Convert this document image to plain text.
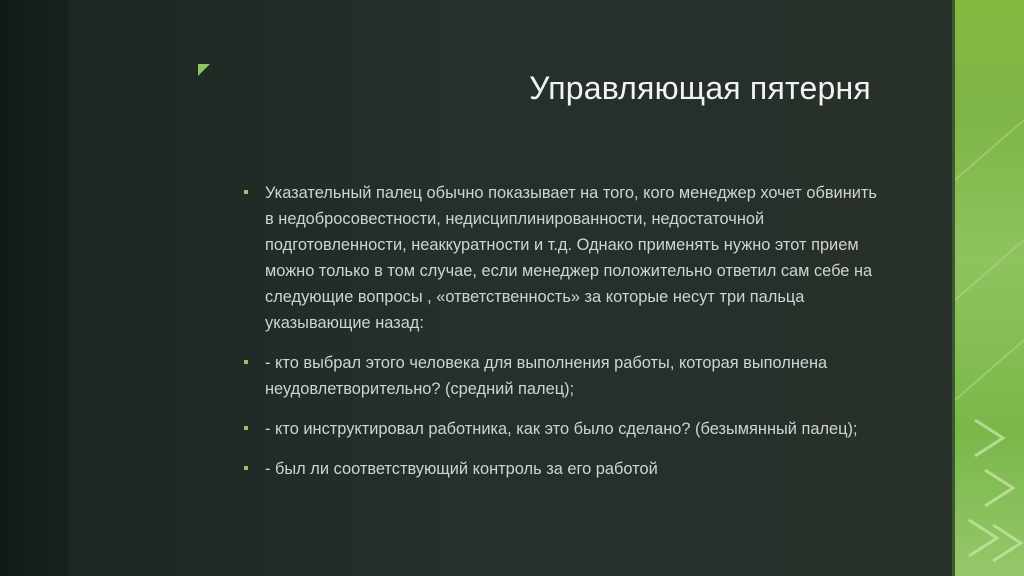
Управляющая пятерня
Указательный палец обычно показывает на того, кого менеджер хочет обвинить в недобросовестности, недисциплинированности, недостаточной подготовленности, неаккуратности и т.д. Однако применять нужно этот прием можно только в том случае, если менеджер положительно ответил сам себе на следующие вопросы , «ответственность» за которые несут три пальца указывающие назад:
- кто выбрал этого человека для выполнения работы, которая выполнена неудовлетворительно? (средний палец);
- кто инструктировал работника, как это было сделано? (безымянный палец);
- был ли соответствующий контроль за его работой
